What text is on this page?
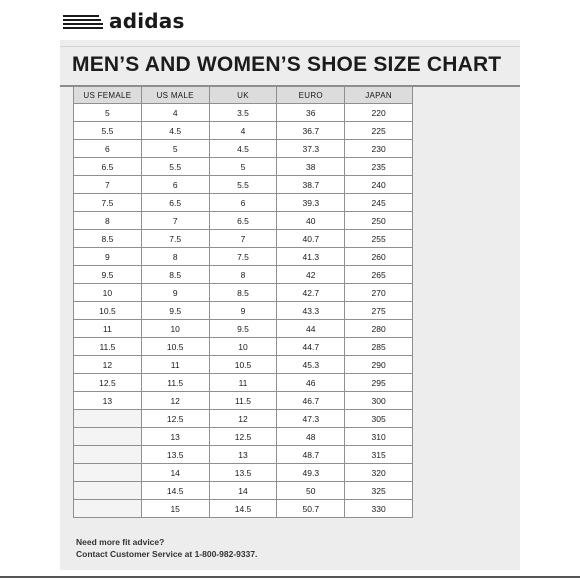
adidas
MEN’S AND WOMEN’S SHOE SIZE CHART
US FEMALE	US MALE	UK	EURO	JAPAN
5	4	3.5	36	220
5.5	4.5	4	36.7	225
6	5	4.5	37.3	230
6.5	5.5	5	38	235
7	6	5.5	38.7	240
7.5	6.5	6	39.3	245
8	7	6.5	40	250
8.5	7.5	7	40.7	255
9	8	7.5	41.3	260
9.5	8.5	8	42	265
10	9	8.5	42.7	270
10.5	9.5	9	43.3	275
11	10	9.5	44	280
11.5	10.5	10	44.7	285
12	11	10.5	45.3	290
12.5	11.5	11	46	295
13	12	11.5	46.7	300
	12.5	12	47.3	305
	13	12.5	48	310
	13.5	13	48.7	315
	14	13.5	49.3	320
	14.5	14	50	325
	15	14.5	50.7	330
Need more fit advice?
Contact Customer Service at 1-800-982-9337.
